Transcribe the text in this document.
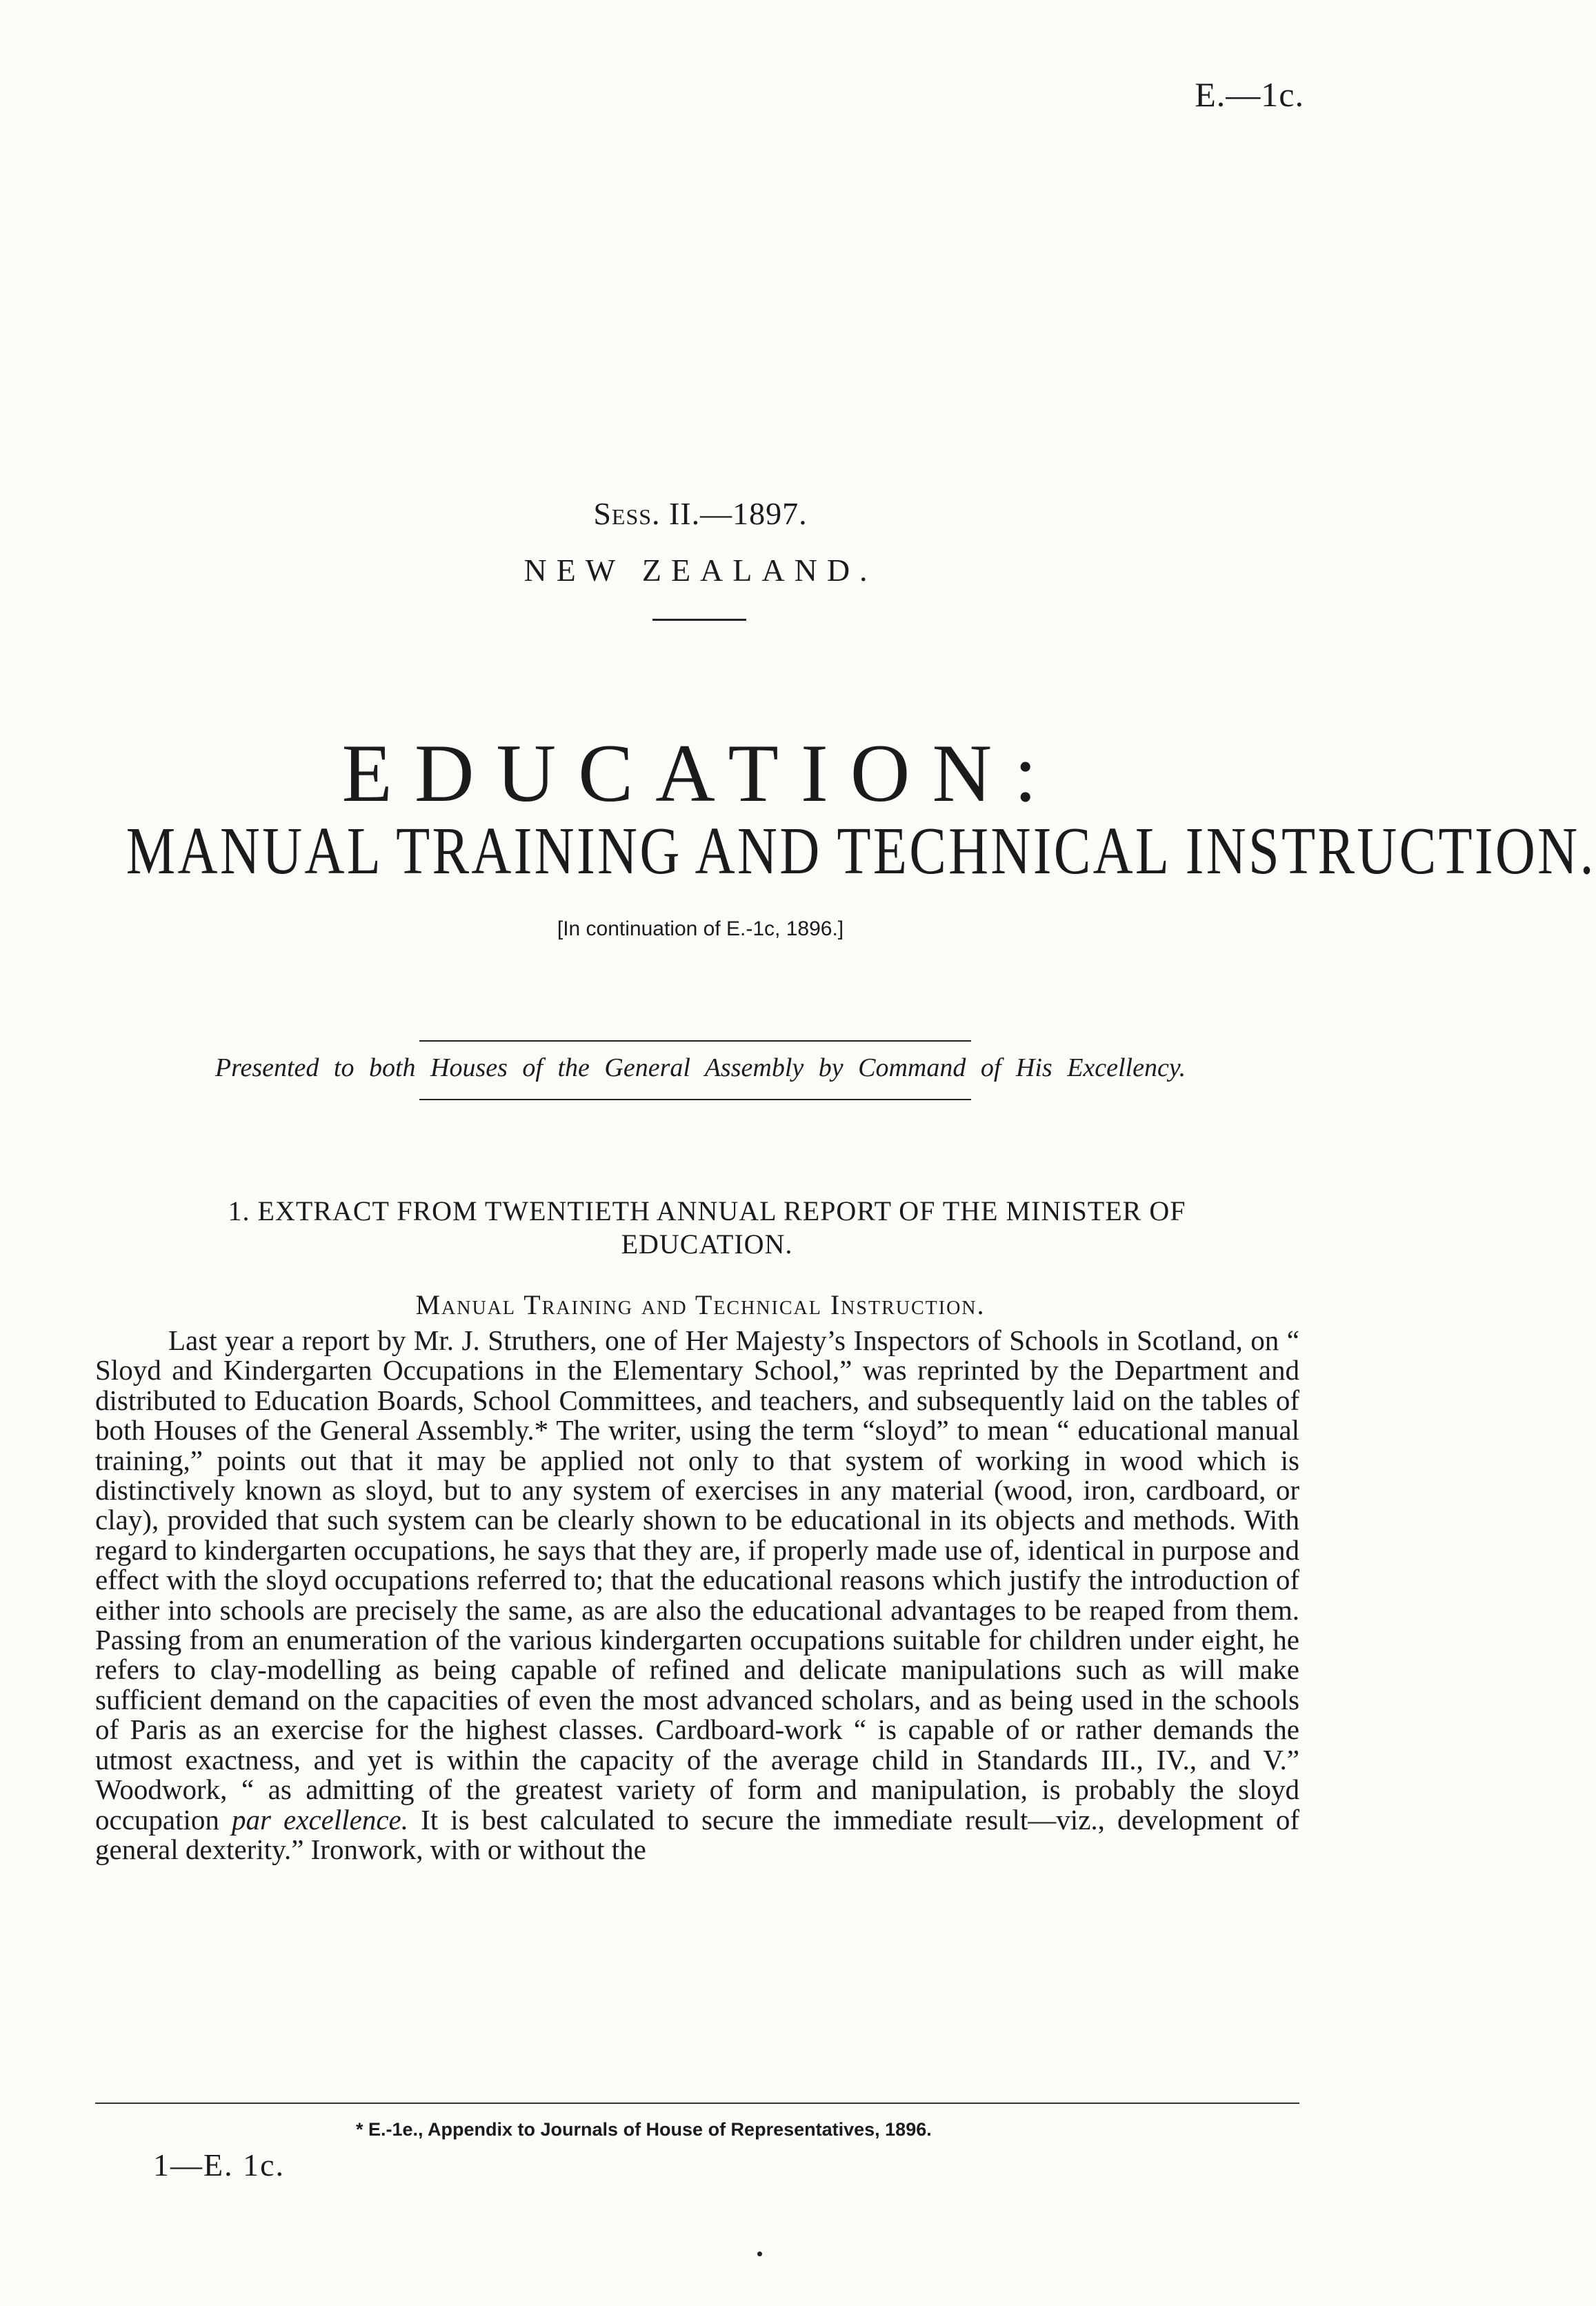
E.—1c.
Sess. II.—1897.
NEW ZEALAND.
EDUCATION:
MANUAL TRAINING AND TECHNICAL INSTRUCTION.
[In continuation of E.-1c, 1896.]
Presented to both Houses of the General Assembly by Command of His Excellency.
1. EXTRACT FROM TWENTIETH ANNUAL REPORT OF THE MINISTER OF EDUCATION.
Manual Training and Technical Instruction.

Last year a report by Mr. J. Struthers, one of Her Majesty’s Inspectors of Schools in Scotland, on “ Sloyd and Kindergarten Occupations in the Elementary School,” was reprinted by the Department and distributed to Education Boards, School Committees, and teachers, and subsequently laid on the tables of both Houses of the General Assembly.* The writer, using the term “sloyd” to mean “ educational manual training,” points out that it may be applied not only to that system of working in wood which is distinctively known as sloyd, but to any system of exercises in any material (wood, iron, cardboard, or clay), provided that such system can be clearly shown to be educational in its objects and methods. With regard to kindergarten occupations, he says that they are, if properly made use of, identical in purpose and effect with the sloyd occupations referred to; that the educational reasons which justify the introduction of either into schools are precisely the same, as are also the educational advantages to be reaped from them. Passing from an enumeration of the various kindergarten occupations suitable for children under eight, he refers to clay-modelling as being capable of refined and delicate manipulations such as will make sufficient demand on the capacities of even the most advanced scholars, and as being used in the schools of Paris as an exercise for the highest classes. Cardboard-work “ is capable of or rather demands the utmost exactness, and yet is within the capacity of the average child in Standards III., IV., and V.” Woodwork, “ as admitting of the greatest variety of form and manipulation, is probably the sloyd occupation par excellence. It is best calculated to secure the immediate result—viz., development of general dexterity.” Ironwork, with or without the

* E.-1e., Appendix to Journals of House of Representatives, 1896.
1—E. 1c.
